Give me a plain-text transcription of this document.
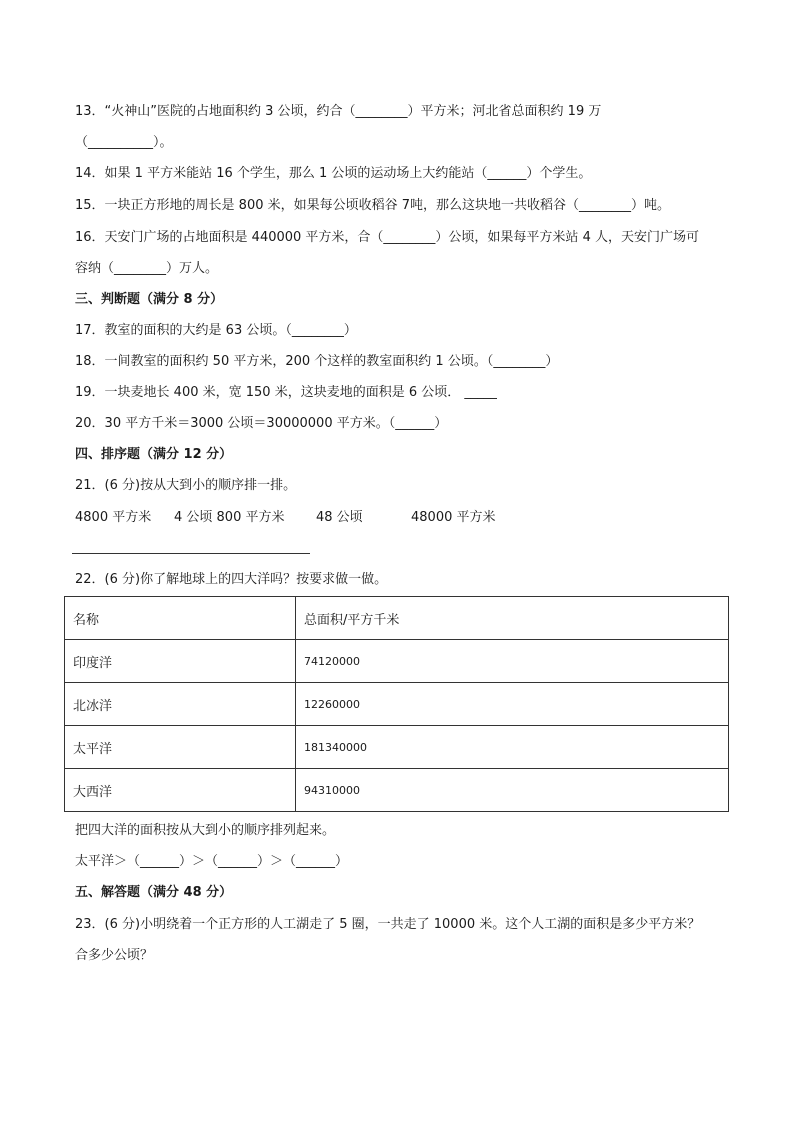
13．“火神山”医院的占地面积约 3 公顷，约合（________）平方米；河北省总面积约 19 万
（__________）。
14．如果 1 平方米能站 16 个学生，那么 1 公顷的运动场上大约能站（______）个学生。
15．一块正方形地的周长是 800 米，如果每公顷收稻谷 7吨，那么这块地一共收稻谷（________）吨。
16．天安门广场的占地面积是 440000 平方米，合（________）公顷，如果每平方米站 4 人，天安门广场可
容纳（________）万人。
三、判断题（满分 8 分）
17．教室的面积的大约是 63 公顷。（________）
18．一间教室的面积约 50 平方米，200 个这样的教室面积约 1 公顷。（________）
19．一块麦地长 400 米，宽 150 米，这块麦地的面积是 6 公顷． _____
20．30 平方千米＝3000 公顷＝30000000 平方米。（______）
四、排序题（满分 12 分）
21．(6 分)按从大到小的顺序排一排。
4800 平方米 4 公顷 800 平方米 48 公顷	48000 平方米
22．(6 分)你了解地球上的四大洋吗？按要求做一做。
名称	总面积/平方千米
印度洋	74120000
北冰洋	12260000
太平洋	181340000
大西洋	94310000
把四大洋的面积按从大到小的顺序排列起来。
太平洋＞（______）＞（______）＞（______）
五、解答题（满分 48 分）
23．(6 分)小明绕着一个正方形的人工湖走了 5 圈，一共走了 10000 米。这个人工湖的面积是多少平方米？
合多少公顷？
